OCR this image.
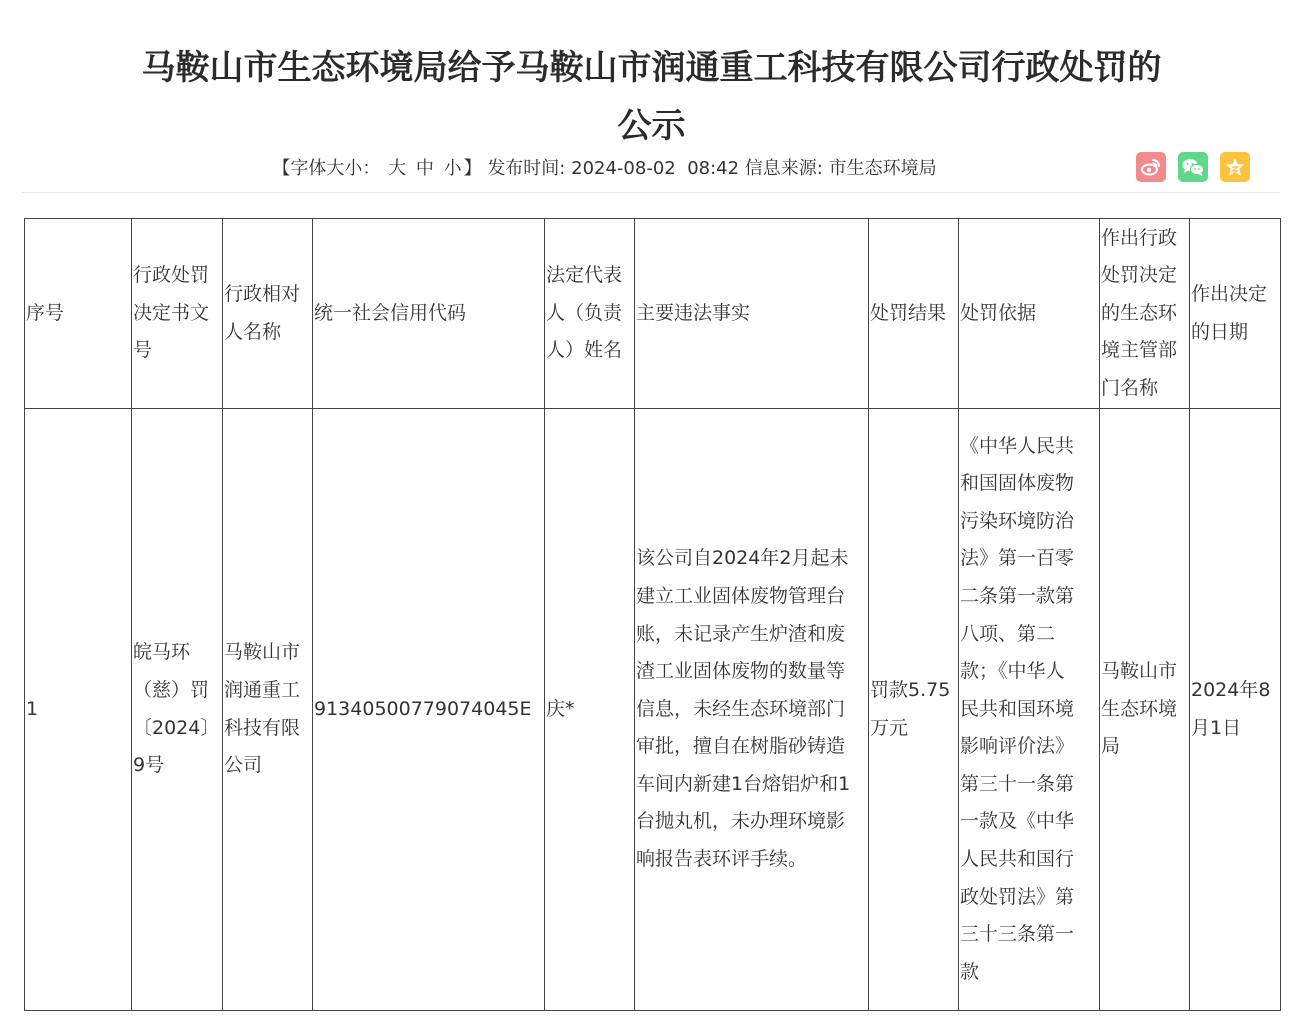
马鞍山市生态环境局给予马鞍山市润通重工科技有限公司行政处罚的公示
【字体大小： 大 中 小 】 发布时间: 2024-08-02 08:42 信息来源: 市生态环境局
序号	行政处罚决定书文号	行政相对人名称	统一社会信用代码	法定代表人（负责人）姓名	主要违法事实	处罚结果	处罚依据	作出行政处罚决定的生态环境主管部门名称	作出决定的日期
1	皖马环（慈）罚〔2024〕9号	马鞍山市润通重工科技有限公司	91340500779074045E	庆*	该公司自2024年2月起未建立工业固体废物管理台账，未记录产生炉渣和废渣工业固体废物的数量等信息，未经生态环境部门审批，擅自在树脂砂铸造车间内新建1台熔铝炉和1台抛丸机，未办理环境影响报告表环评手续。	罚款5.75万元	《中华人民共和国固体废物污染环境防治法》第一百零二条第一款第八项、第二款；《中华人民共和国环境影响评价法》第三十一条第一款及《中华人民共和国行政处罚法》第三十三条第一款	马鞍山市生态环境局	2024年8月1日
